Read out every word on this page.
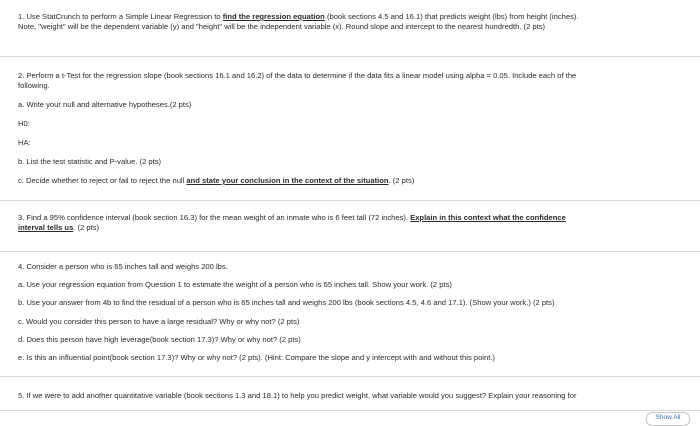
1. Use StatCrunch to perform a Simple Linear Regression to find the regression equation (book sections 4.5 and 16.1) that predicts weight (lbs) from height (inches).
Note, "weight" will be the dependent variable (y) and "height" will be the independent variable (x). Round slope and intercept to the nearest hundredth. (2 pts)
2. Perform a t-Test for the regression slope (book sections 16.1 and 16.2) of the data to determine if the data fits a linear model using alpha = 0.05. Include each of the
following.
a. Write your null and alternative hypotheses.(2 pts)
H0:
HA:
b. List the test statistic and P-value. (2 pts)
c. Decide whether to reject or fail to reject the null and state your conclusion in the context of the situation. (2 pts)
3. Find a 95% confidence interval (book section 16.3) for the mean weight of an inmate who is 6 feet tall (72 inches). Explain in this context what the confidence
interval tells us. (2 pts)
4. Consider a person who is 65 inches tall and weighs 200 lbs.
a. Use your regression equation from Question 1 to estimate the weight of a person who is 65 inches tall. Show your work. (2 pts)
b. Use your answer from 4b to find the residual of a person who is 65 inches tall and weighs 200 lbs (book sections 4.5, 4.6 and 17.1). (Show your work.) (2 pts)
c. Would you consider this person to have a large residual? Why or why not? (2 pts)
d. Does this person have high leverage(book section 17.3)? Why or why not? (2 pts)
e. Is this an influential point(book section 17.3)? Why or why not? (2 pts). (Hint: Compare the slope and y intercept with and without this point.)
5. If we were to add another quantitative variable (book sections 1.3 and 18.1) to help you predict weight, what variable would you suggest? Explain your reasoning for
Show All
